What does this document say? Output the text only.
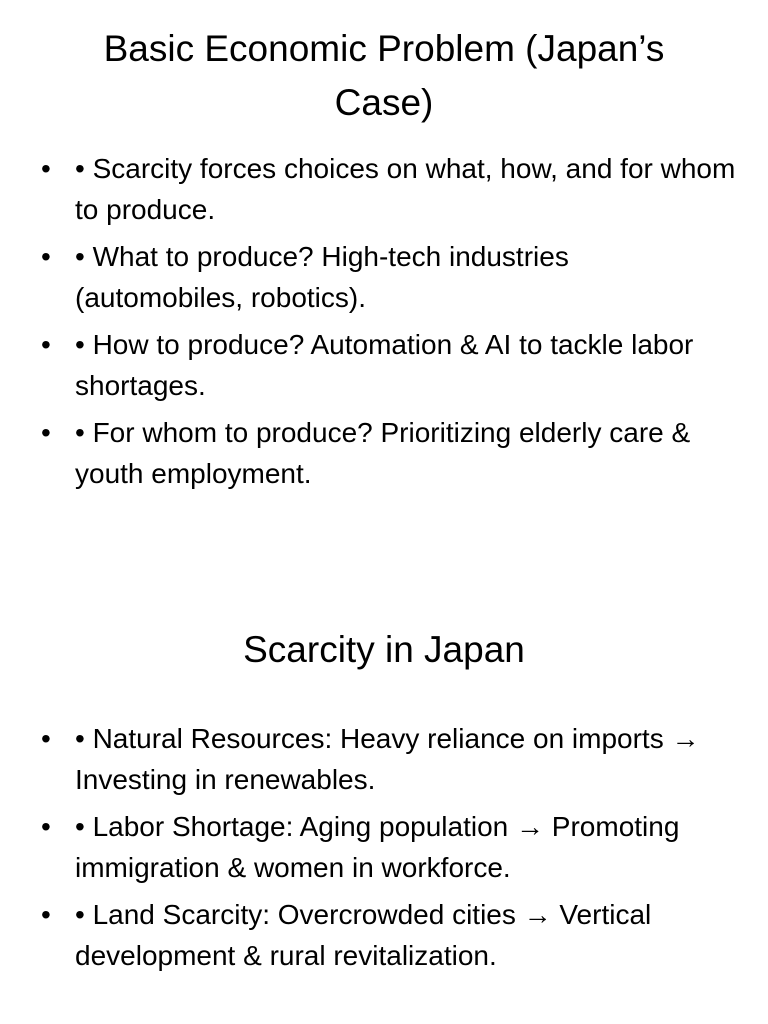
Basic Economic Problem (Japan’s Case)
• • Scarcity forces choices on what, how, and for whom to produce.
• • What to produce? High-tech industries (automobiles, robotics).
• • How to produce? Automation & AI to tackle labor shortages.
• • For whom to produce? Prioritizing elderly care & youth employment.
Scarcity in Japan
• • Natural Resources: Heavy reliance on imports → Investing in renewables.
• • Labor Shortage: Aging population → Promoting immigration & women in workforce.
• • Land Scarcity: Overcrowded cities → Vertical development & rural revitalization.
